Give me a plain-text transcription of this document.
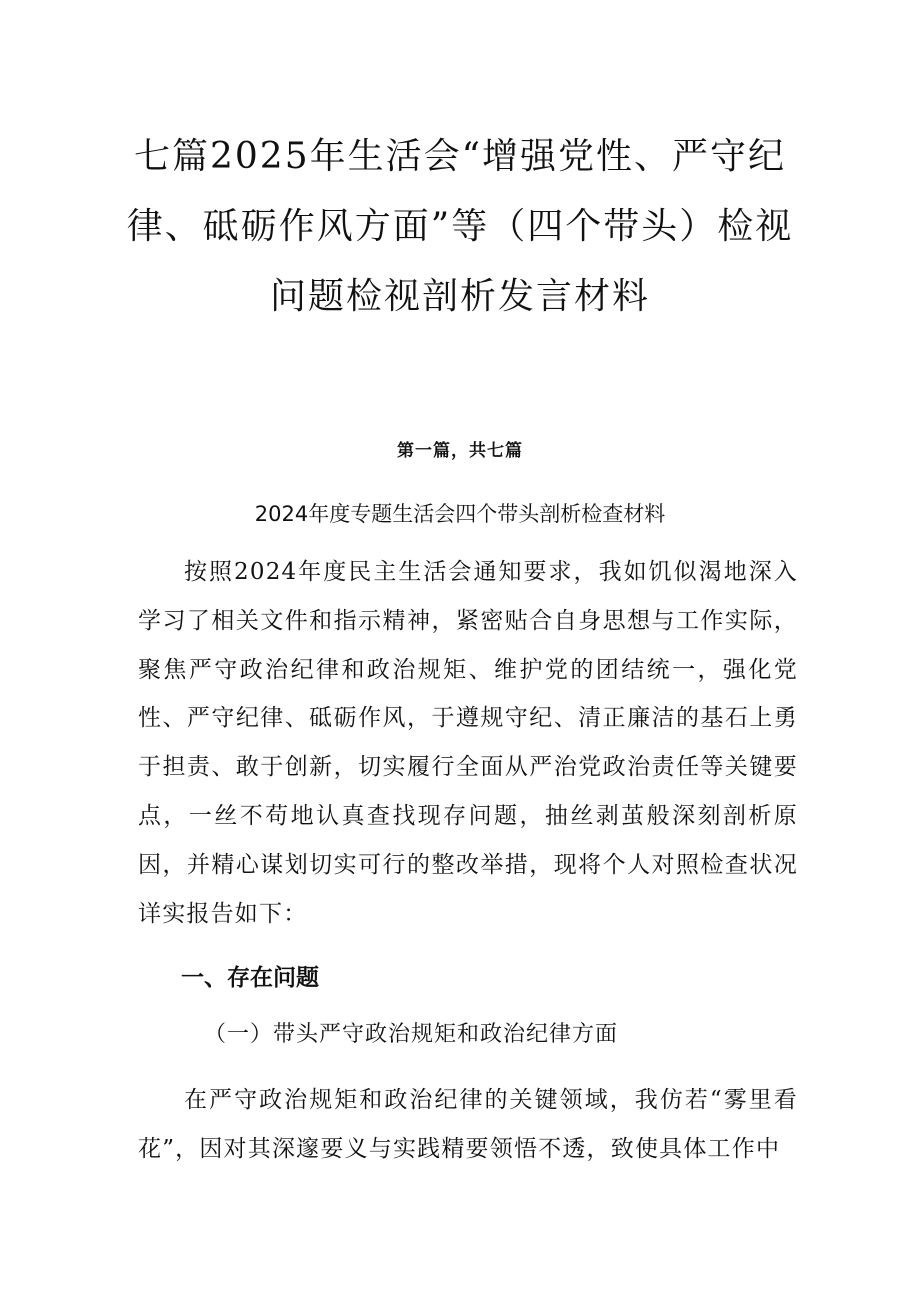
七篇2025年生活会“增强党性、严守纪
律、砥砺作风方面”等（四个带头）检视
问题检视剖析发言材料
第一篇，共七篇
2024年度专题生活会四个带头剖析检查材料

按照2024年度民主生活会通知要求，我如饥似渴地深入学习了相关文件和指示精神，紧密贴合自身思想与工作实际，聚焦严守政治纪律和政治规矩、维护党的团结统一，强化党性、严守纪律、砥砺作风，于遵规守纪、清正廉洁的基石上勇于担责、敢于创新，切实履行全面从严治党政治责任等关键要点，一丝不苟地认真查找现存问题，抽丝剥茧般深刻剖析原因，并精心谋划切实可行的整改举措，现将个人对照检查状况详实报告如下：

一、存在问题
（一）带头严守政治规矩和政治纪律方面

在严守政治规矩和政治纪律的关键领域，我仿若“雾里看花”，因对其深邃要义与实践精要领悟不透，致使具体工作中
